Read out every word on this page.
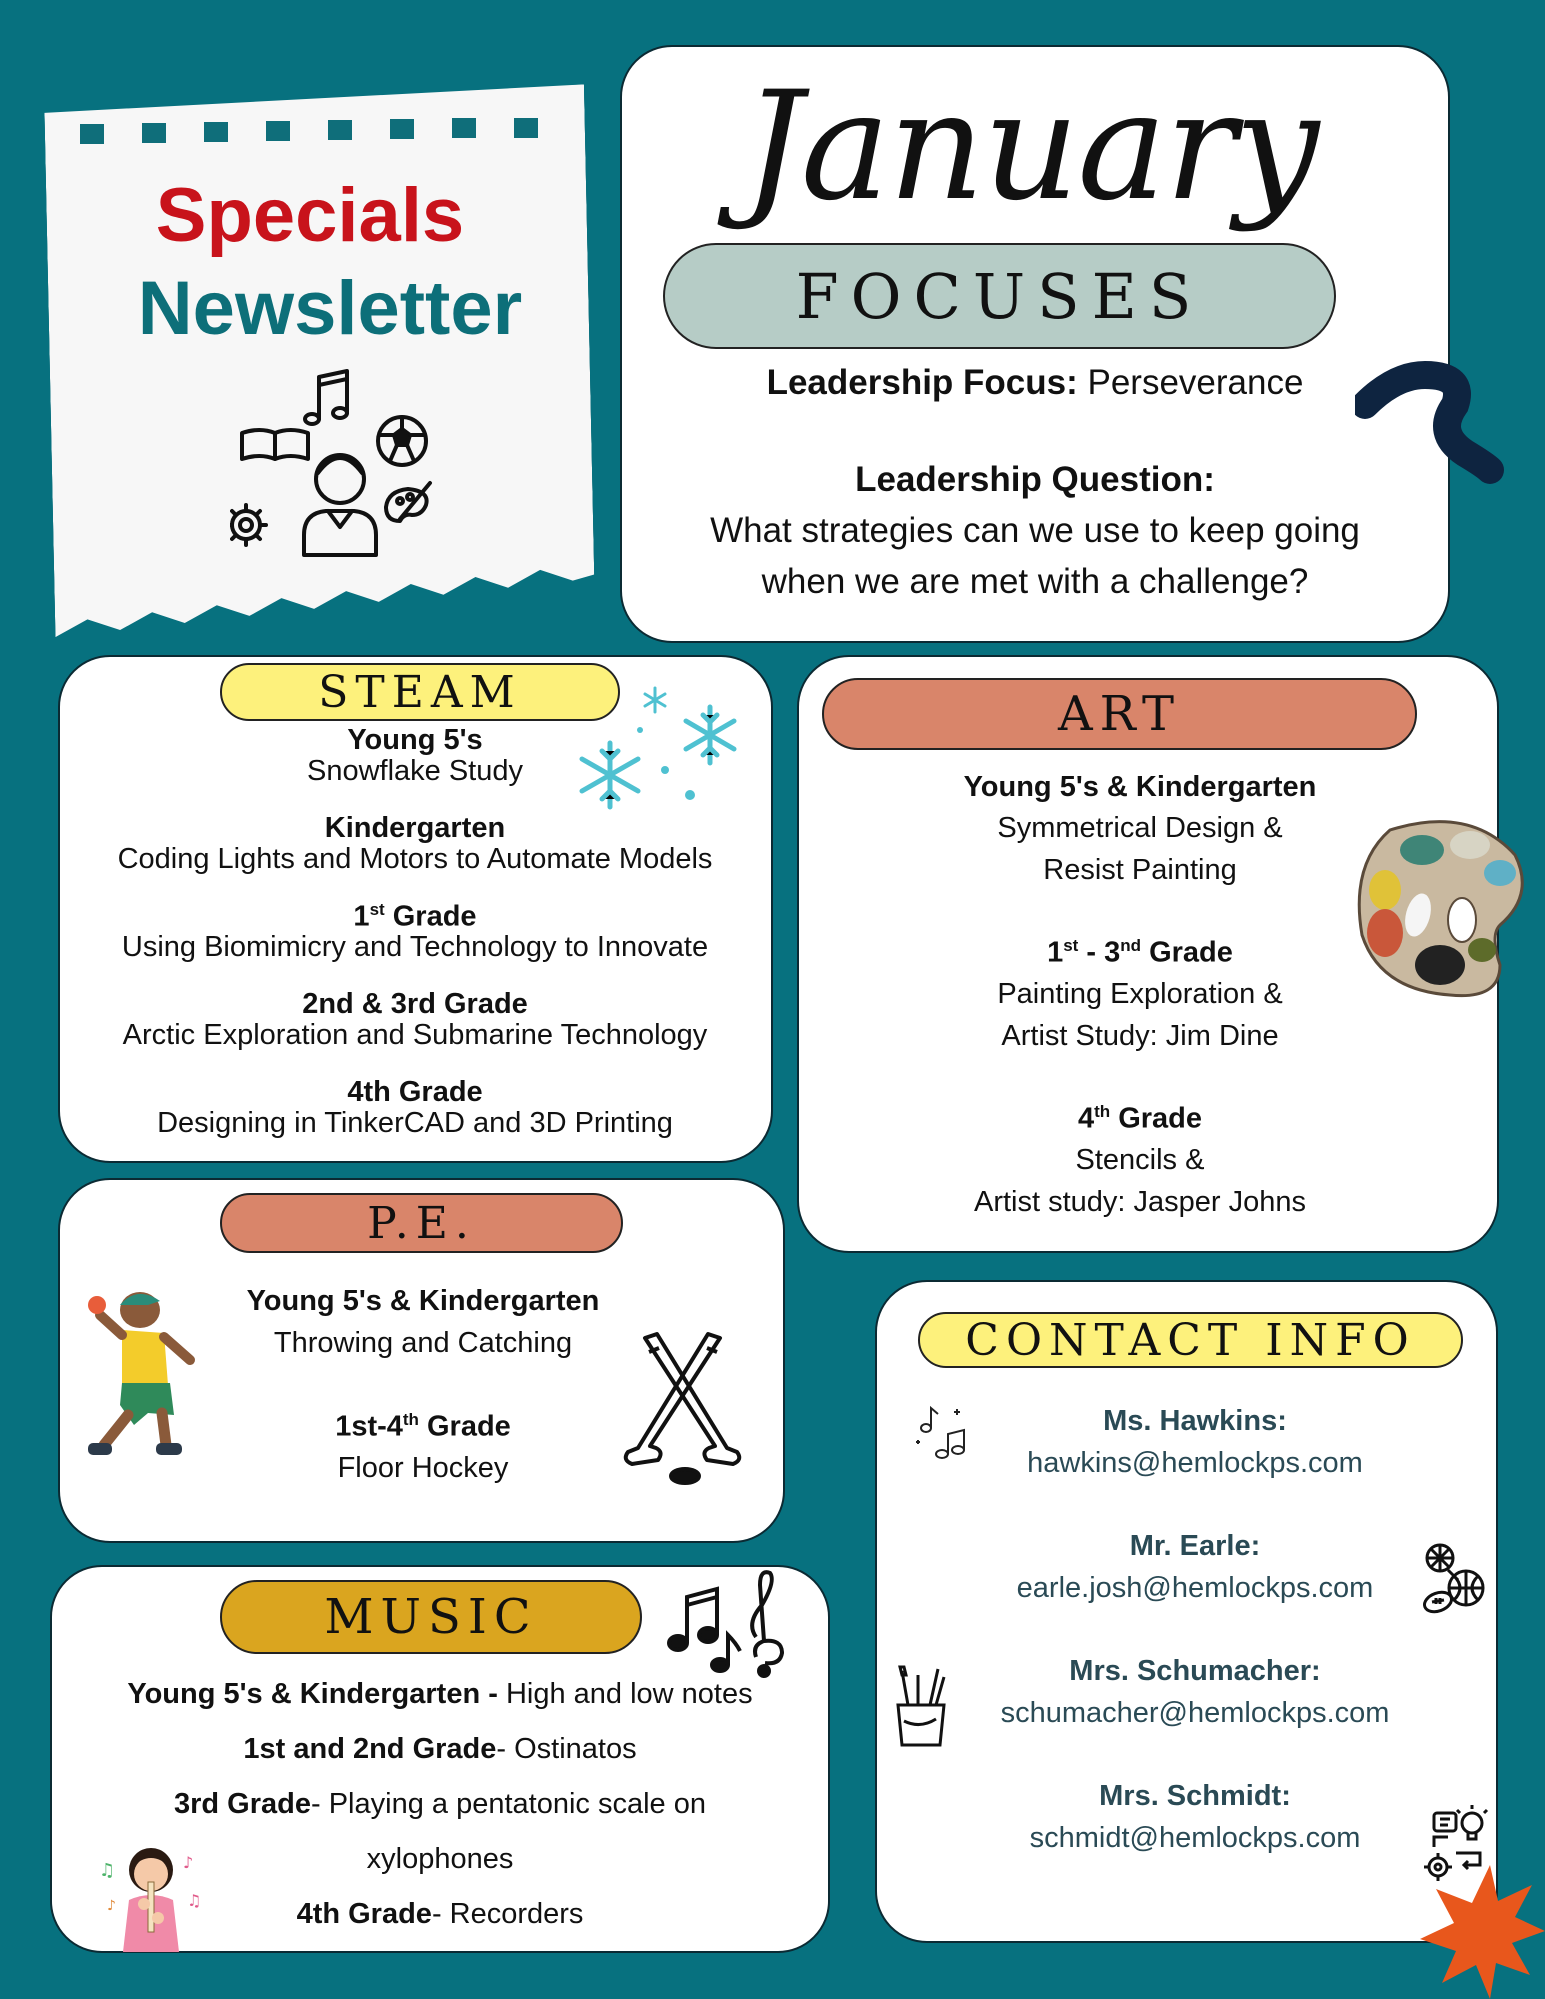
Specials
Newsletter
January
FOCUSES
Leadership Focus: Perseverance
Leadership Question:
What strategies can we use to keep going
when we are met with a challenge?
STEAM
Young 5's
Snowflake Study
Kindergarten
Coding Lights and Motors to Automate Models
1st Grade
Using Biomimicry and Technology to Innovate
2nd & 3rd Grade
Arctic Exploration and Submarine Technology
4th Grade
Designing in TinkerCAD and 3D Printing
ART
Young 5's & Kindergarten
Symmetrical Design &
Resist Painting
1st - 3nd Grade
Painting Exploration &
Artist Study: Jim Dine
4th Grade
Stencils &
Artist study: Jasper Johns
P.E.
Young 5's & Kindergarten
Throwing and Catching
1st-4th Grade
Floor Hockey
MUSIC
Young 5's & Kindergarten - High and low notes
1st and 2nd Grade- Ostinatos
3rd Grade- Playing a pentatonic scale on
xylophones
4th Grade- Recorders
♫	♪
♫
♪
CONTACT INFO
Ms. Hawkins:
hawkins@hemlockps.com
Mr. Earle:
earle.josh@hemlockps.com
Mrs. Schumacher:
schumacher@hemlockps.com
Mrs. Schmidt:
schmidt@hemlockps.com
